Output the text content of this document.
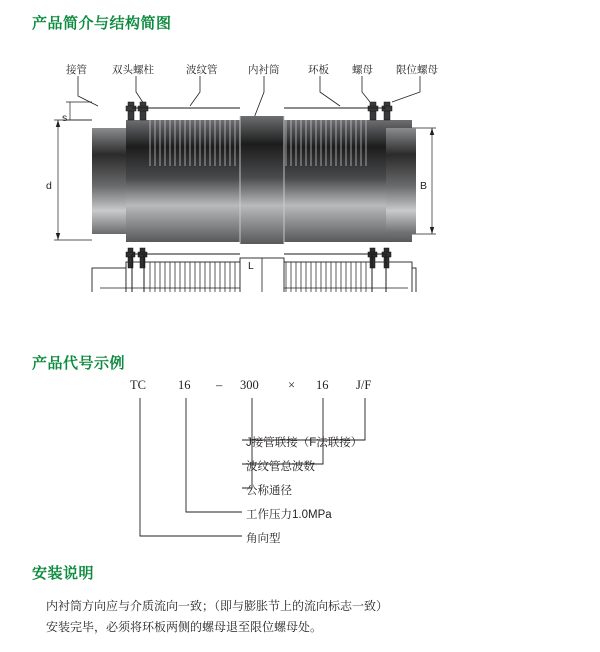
产品简介与结构简图
接管 双头螺柱	波纹管	内衬筒	环板 螺母 限位螺母
s
d	B
L
产品代号示例
TC	16 – 300 × 16 J/F
J接管联接（F法联接）
波纹管总波数
公称通径
工作压力1.0MPa
角向型
安装说明
内衬筒方向应与介质流向一致；（即与膨胀节上的流向标志一致）
安装完毕，必须将环板两侧的螺母退至限位螺母处。
